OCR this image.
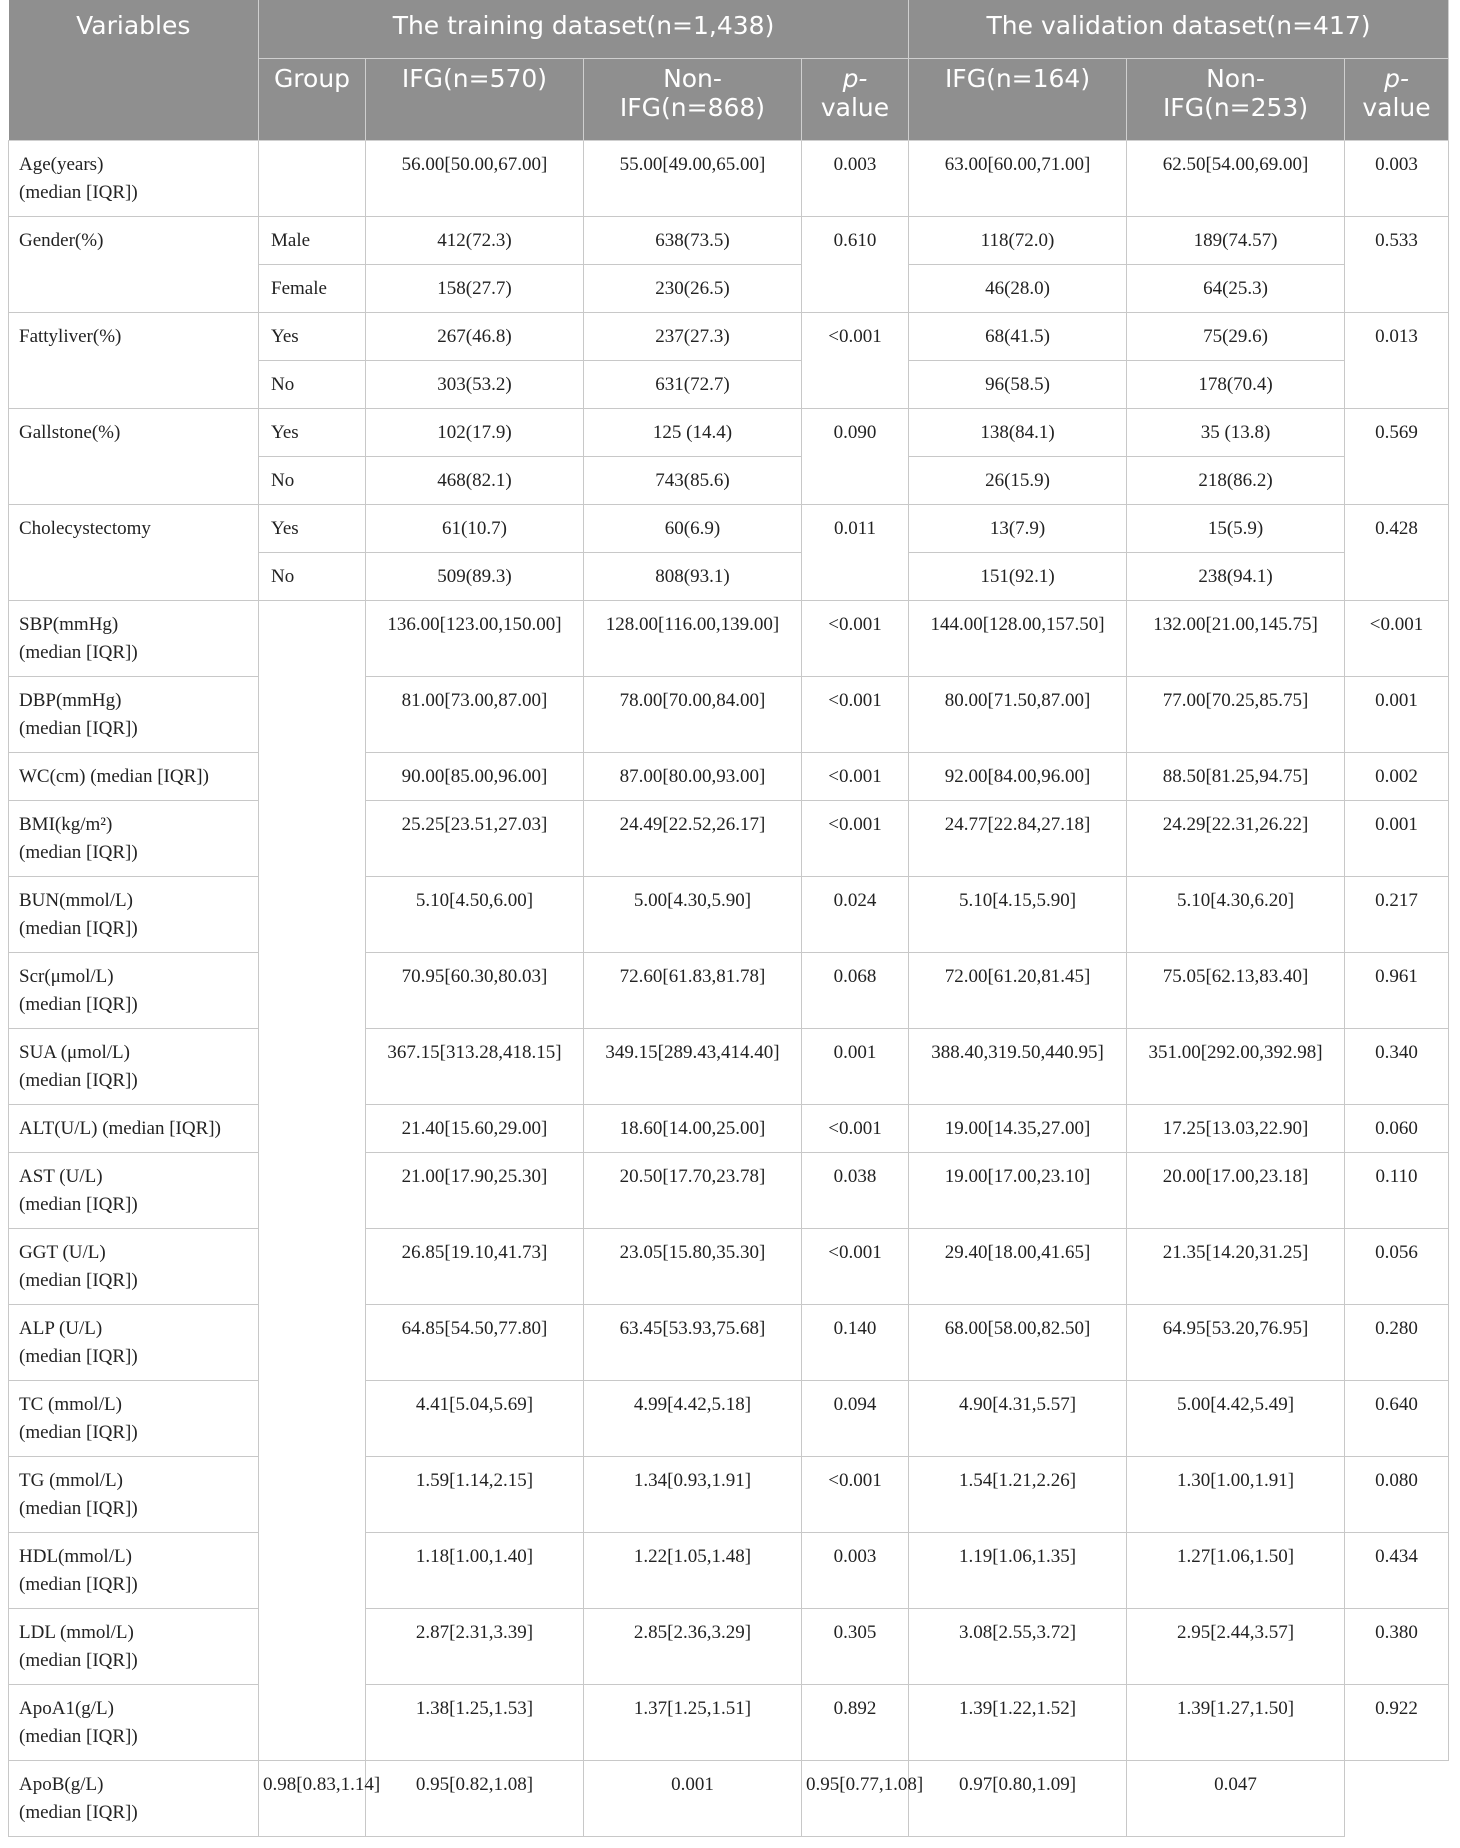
Variables	The training dataset(n=1,438)				The validation dataset(n=417)		
	Group	IFG(n=570)	Non-
IFG(n=868)	p-
value	IFG(n=164)	Non-
IFG(n=253)	p-
value
Age(years)
(median [IQR])		56.00[50.00,67.00]	55.00[49.00,65.00]	0.003	63.00[60.00,71.00]	62.50[54.00,69.00]	0.003
Gender(%)	Male	412(72.3)	638(73.5)	0.610	118(72.0)	189(74.57)	0.533
	Female	158(27.7)	230(26.5)		46(28.0)	64(25.3)	
Fattyliver(%)	Yes	267(46.8)	237(27.3)	<0.001	68(41.5)	75(29.6)	0.013
	No	303(53.2)	631(72.7)		96(58.5)	178(70.4)	
Gallstone(%)	Yes	102(17.9)	125 (14.4)	0.090	138(84.1)	35 (13.8)	0.569
	No	468(82.1)	743(85.6)		26(15.9)	218(86.2)	
Cholecystectomy	Yes	61(10.7)	60(6.9)	0.011	13(7.9)	15(5.9)	0.428
	No	509(89.3)	808(93.1)		151(92.1)	238(94.1)	
SBP(mmHg)
(median [IQR])		136.00[123.00,150.00]	128.00[116.00,139.00]	<0.001	144.00[128.00,157.50]	132.00[21.00,145.75]	<0.001
DBP(mmHg)
(median [IQR])		81.00[73.00,87.00]	78.00[70.00,84.00]	<0.001	80.00[71.50,87.00]	77.00[70.25,85.75]	0.001
WC(cm) (median [IQR])		90.00[85.00,96.00]	87.00[80.00,93.00]	<0.001	92.00[84.00,96.00]	88.50[81.25,94.75]	0.002
BMI(kg/m²)
(median [IQR])		25.25[23.51,27.03]	24.49[22.52,26.17]	<0.001	24.77[22.84,27.18]	24.29[22.31,26.22]	0.001
BUN(mmol/L)
(median [IQR])		5.10[4.50,6.00]	5.00[4.30,5.90]	0.024	5.10[4.15,5.90]	5.10[4.30,6.20]	0.217
Scr(μmol/L)
(median [IQR])		70.95[60.30,80.03]	72.60[61.83,81.78]	0.068	72.00[61.20,81.45]	75.05[62.13,83.40]	0.961
SUA (μmol/L)
(median [IQR])		367.15[313.28,418.15]	349.15[289.43,414.40]	0.001	388.40,319.50,440.95]	351.00[292.00,392.98]	0.340
ALT(U/L) (median [IQR])		21.40[15.60,29.00]	18.60[14.00,25.00]	<0.001	19.00[14.35,27.00]	17.25[13.03,22.90]	0.060
AST (U/L)
(median [IQR])		21.00[17.90,25.30]	20.50[17.70,23.78]	0.038	19.00[17.00,23.10]	20.00[17.00,23.18]	0.110
GGT (U/L)
(median [IQR])		26.85[19.10,41.73]	23.05[15.80,35.30]	<0.001	29.40[18.00,41.65]	21.35[14.20,31.25]	0.056
ALP (U/L)
(median [IQR])		64.85[54.50,77.80]	63.45[53.93,75.68]	0.140	68.00[58.00,82.50]	64.95[53.20,76.95]	0.280
TC (mmol/L)
(median [IQR])		4.41[5.04,5.69]	4.99[4.42,5.18]	0.094	4.90[4.31,5.57]	5.00[4.42,5.49]	0.640
TG (mmol/L)
(median [IQR])		1.59[1.14,2.15]	1.34[0.93,1.91]	<0.001	1.54[1.21,2.26]	1.30[1.00,1.91]	0.080
HDL(mmol/L)
(median [IQR])		1.18[1.00,1.40]	1.22[1.05,1.48]	0.003	1.19[1.06,1.35]	1.27[1.06,1.50]	0.434
LDL (mmol/L)
(median [IQR])		2.87[2.31,3.39]	2.85[2.36,3.29]	0.305	3.08[2.55,3.72]	2.95[2.44,3.57]	0.380
ApoA1(g/L)
(median [IQR])		1.38[1.25,1.53]	1.37[1.25,1.51]	0.892	1.39[1.22,1.52]	1.39[1.27,1.50]	0.922
ApoB(g/L)
(median [IQR])	0.98[0.83,1.14]	0.95[0.82,1.08]	0.001	0.95[0.77,1.08]	0.97[0.80,1.09]	0.047	
